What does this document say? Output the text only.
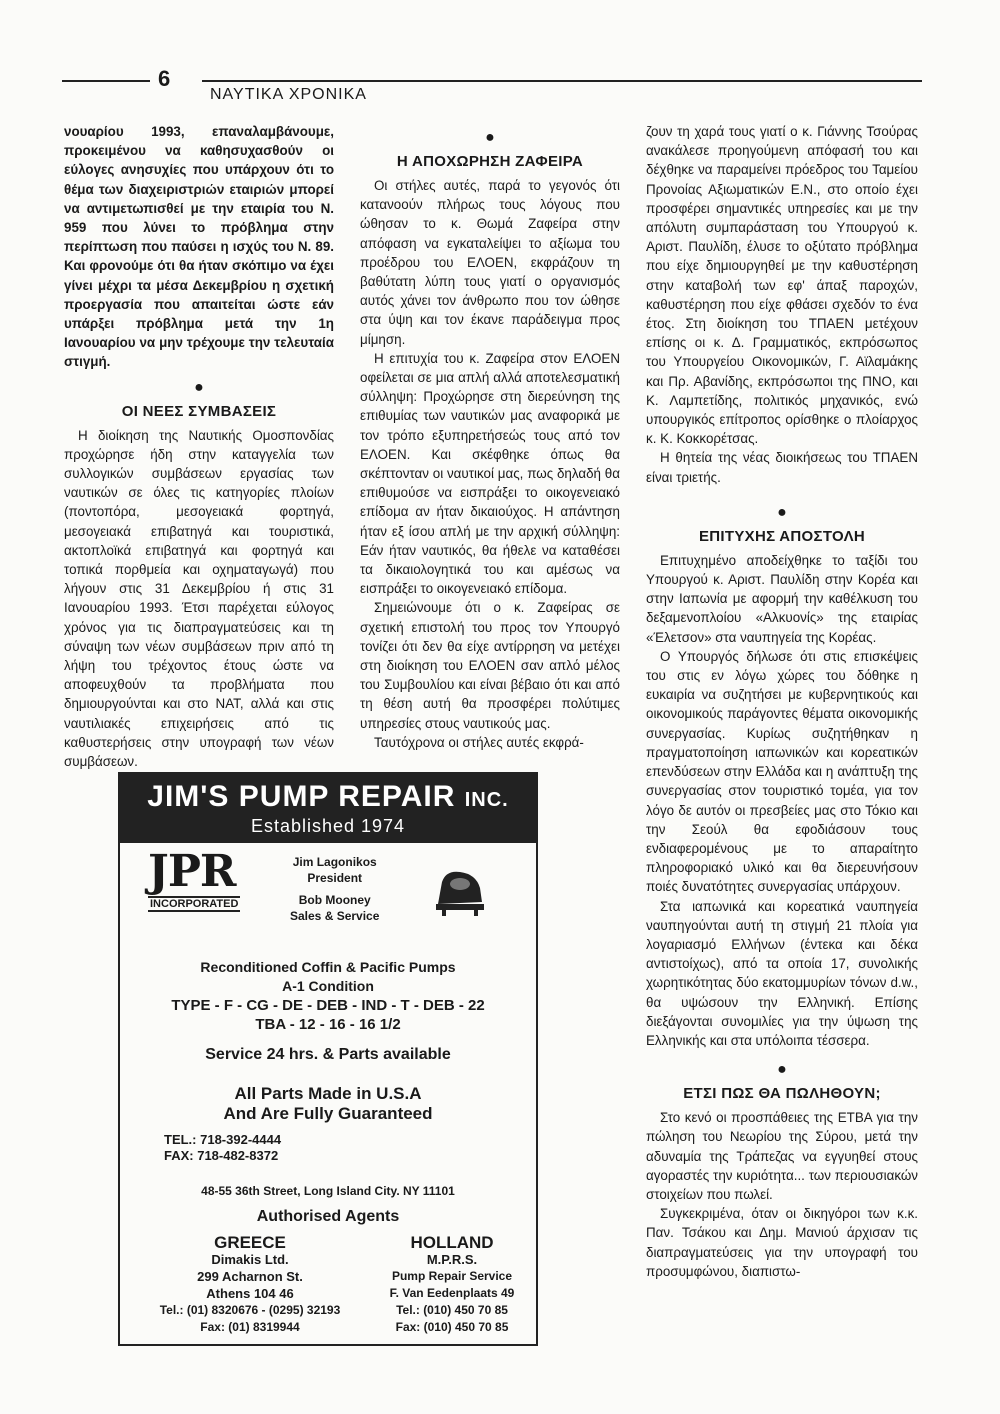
6
ΝΑΥΤΙΚΑ ΧΡΟΝΙΚΑ

νουαρίου 1993, επαναλαμβάνουμε, προκειμένου να καθησυχασθούν οι εύλογες ανησυχίες που υπάρχουν ότι το θέμα των διαχειριστριών εταιριών μπορεί να αντιμετωπισθεί με την εταιρία του Ν. 959 που λύνει το πρόβλημα στην περίπτωση που παύσει η ισχύς του Ν. 89. Και φρονούμε ότι θα ήταν σκόπιμο να έχει γίνει μέχρι τα μέσα Δεκεμβρίου η σχετική προεργασία που απαιτείται ώστε εάν υπάρξει πρόβλημα μετά την 1η Ιανουαρίου να μην τρέχουμε την τελευταία στιγμή.

●
ΟΙ ΝΕΕΣ ΣΥΜΒΑΣΕΙΣ

Η διοίκηση της Ναυτικής Ομοσπονδίας προχώρησε ήδη στην καταγγελία των συλλογικών συμβάσεων εργασίας των ναυτικών σε όλες τις κατηγορίες πλοίων (ποντοπόρα, μεσογειακά φορτηγά, μεσογειακά επιβατηγά και τουριστικά, ακτοπλοϊκά επιβατηγά και φορτηγά και τοπικά πορθμεία και οχηματαγωγά) που λήγουν στις 31 Δεκεμβρίου ή στις 31 Ιανουαρίου 1993. Έτσι παρέχεται εύλογος χρόνος για τις διαπραγματεύσεις και τη σύναψη των νέων συμβάσεων πριν από τη λήψη του τρέχοντος έτους ώστε να αποφευχθούν τα προβλήματα που δημιουργούνται και στο ΝΑΤ, αλλά και στις ναυτιλιακές επιχειρήσεις από τις καθυστερήσεις στην υπογραφή των νέων συμβάσεων.

●
Η ΑΠΟΧΩΡΗΣΗ ΖΑΦΕΙΡΑ

Οι στήλες αυτές, παρά το γεγονός ότι κατανοούν πλήρως τους λόγους που ώθησαν το κ. Θωμά Ζαφείρα στην απόφαση να εγκαταλείψει το αξίωμα του προέδρου του ΕΛΟΕΝ, εκφράζουν τη βαθύτατη λύπη τους γιατί ο οργανισμός αυτός χάνει τον άνθρωπο που τον ώθησε στα ύψη και τον έκανε παράδειγμα προς μίμηση.

Η επιτυχία του κ. Ζαφείρα στον ΕΛΟΕΝ οφείλεται σε μια απλή αλλά αποτελεσματική σύλληψη: Προχώρησε στη διερεύνηση της επιθυμίας των ναυτικών μας αναφορικά με τον τρόπο εξυπηρετήσεώς τους από τον ΕΛΟΕΝ. Και σκέφθηκε όπως θα σκέπτονταν οι ναυτικοί μας, πως δηλαδή θα επιθυμούσε να εισπράξει το οικογενειακό επίδομα αν ήταν δικαιούχος. Η απάντηση ήταν εξ ίσου απλή με την αρχική σύλληψη: Εάν ήταν ναυτικός, θα ήθελε να καταθέσει τα δικαιολογητικά του και αμέσως να εισπράξει το οικογενειακό επίδομα.

Σημειώνουμε ότι ο κ. Ζαφείρας σε σχετική επιστολή του προς τον Υπουργό τονίζει ότι δεν θα είχε αντίρρηση να μετέχει στη διοίκηση του ΕΛΟΕΝ σαν απλό μέλος του Συμβουλίου και είναι βέβαιο ότι και από τη θέση αυτή θα προσφέρει πολύτιμες υπηρεσίες στους ναυτικούς μας.

Ταυτόχρονα οι στήλες αυτές εκφρά-

ζουν τη χαρά τους γιατί ο κ. Γιάννης Τσούρας ανακάλεσε προηγούμενη απόφασή του και δέχθηκε να παραμείνει πρόεδρος του Ταμείου Προνοίας Αξιωματικών Ε.Ν., στο οποίο έχει προσφέρει σημαντικές υπηρεσίες και με την απόλυτη συμπαράσταση του Υπουργού κ. Αριστ. Παυλίδη, έλυσε το οξύτατο πρόβλημα που είχε δημιουργηθεί με την καθυστέρηση στην καταβολή των εφ' άπαξ παροχών, καθυστέρηση που είχε φθάσει σχεδόν το ένα έτος. Στη διοίκηση του ΤΠΑΕΝ μετέχουν επίσης οι κ. Δ. Γραμματικός, εκπρόσωπος του Υπουργείου Οικονομικών, Γ. Αϊλαμάκης και Πρ. Αβανίδης, εκπρόσωποι της ΠΝΟ, και Κ. Λαμπετίδης, πολιτικός μηχανικός, ενώ υπουργικός επίτροπος ορίσθηκε ο πλοίαρχος κ. Κ. Κοκκορέτσας.

Η θητεία της νέας διοικήσεως του ΤΠΑΕΝ είναι τριετής.

●
ΕΠΙΤΥΧΗΣ ΑΠΟΣΤΟΛΗ

Επιτυχημένο αποδείχθηκε το ταξίδι του Υπουργού κ. Αριστ. Παυλίδη στην Κορέα και στην Ιαπωνία με αφορμή την καθέλκυση του δεξαμενοπλοίου «Αλκυονίς» της εταιρίας «Έλετσον» στα ναυπηγεία της Κορέας.

Ο Υπουργός δήλωσε ότι στις επισκέψεις του στις εν λόγω χώρες του δόθηκε η ευκαιρία να συζητήσει με κυβερνητικούς και οικονομικούς παράγοντες θέματα οικονομικής συνεργασίας. Κυρίως συζητήθηκαν η πραγματοποίηση ιαπωνικών και κορεατικών επενδύσεων στην Ελλάδα και η ανάπτυξη της συνεργασίας στον τουριστικό τομέα, για τον λόγο δε αυτόν οι πρεσβείες μας στο Τόκιο και την Σεούλ θα εφοδιάσουν τους ενδιαφερομένους με το απαραίτητο πληροφοριακό υλικό και θα διερευνήσουν ποιές δυνατότητες συνεργασίας υπάρχουν.

Στα ιαπωνικά και κορεατικά ναυπηγεία ναυπηγούνται αυτή τη στιγμή 21 πλοία για λογαριασμό Ελλήνων (έντεκα και δέκα αντιστοίχως), από τα οποία 17, συνολικής χωρητικότητας δύο εκατομμυρίων τόνων d.w., θα υψώσουν την Ελληνική. Επίσης διεξάγονται συνομιλίες για την ύψωση της Ελληνικής και στα υπόλοιπα τέσσερα.

●
ΕΤΣΙ ΠΩΣ ΘΑ ΠΩΛΗΘΟΥΝ;

Στο κενό οι προσπάθειες της ΕΤΒΑ για την πώληση του Νεωρίου της Σύρου, μετά την αδυναμία της Τράπεζας να εγγυηθεί στους αγοραστές την κυριότητα... των περιουσιακών στοιχείων που πωλεί.

Συγκεκριμένα, όταν οι δικηγόροι των κ.κ. Παν. Τσάκου και Δημ. Μανιού άρχισαν τις διαπραγματεύσεις για την υπογραφή του προσυμφώνου, διαπιστω-

JIM'S PUMP REPAIR INC.
Established 1974
JPR
INCORPORATED
Jim Lagonikos
President
Bob Mooney
Sales & Service
Reconditioned Coffin & Pacific Pumps
A-1 Condition
TYPE - F - CG - DE - DEB - IND - T - DEB - 22
TBA - 12 - 16 - 16 1/2
Service 24 hrs. & Parts available
All Parts Made in U.S.A
And Are Fully Guaranteed
TEL.: 718-392-4444
FAX: 718-482-8372
48-55 36th Street, Long Island City. NY 11101
Authorised Agents
GREECE
Dimakis Ltd.
299 Acharnon St.
Athens 104 46
Tel.: (01) 8320676 - (0295) 32193
Fax: (01) 8319944
HOLLAND
M.P.R.S.
Pump Repair Service
F. Van Eedenplaats 49
Tel.: (010) 450 70 85
Fax: (010) 450 70 85
